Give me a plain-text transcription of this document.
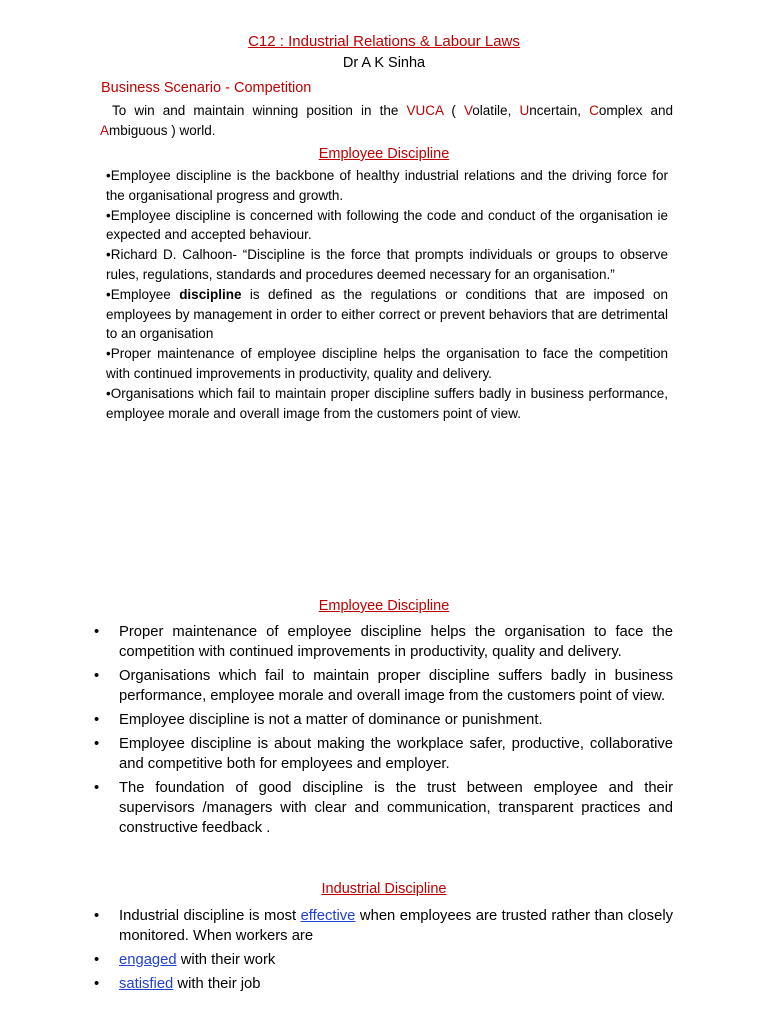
C12 : Industrial Relations & Labour Laws
Dr A K Sinha
Business Scenario - Competition
To win and maintain winning position in the VUCA ( Volatile, Uncertain, Complex and Ambiguous ) world.
Employee Discipline
•Employee discipline is the backbone of healthy industrial relations and the driving force for the organisational progress and growth.
•Employee discipline is concerned with following the code and conduct of the organisation ie expected and accepted behaviour.
•Richard D. Calhoon- “Discipline is the force that prompts individuals or groups to observe rules, regulations, standards and procedures deemed necessary for an organisation.”
•Employee discipline is defined as the regulations or conditions that are imposed on employees by management in order to either correct or prevent behaviors that are detrimental to an organisation
•Proper maintenance of employee discipline helps the organisation to face the competition with continued improvements in productivity, quality and delivery.
•Organisations which fail to maintain proper discipline suffers badly in business performance, employee morale and overall image from the customers point of view.
Employee Discipline
• Proper maintenance of employee discipline helps the organisation to face the competition with continued improvements in productivity, quality and delivery.
• Organisations which fail to maintain proper discipline suffers badly in business performance, employee morale and overall image from the customers point of view.
• Employee discipline is not a matter of dominance or punishment.
• Employee discipline is about making the workplace safer, productive, collaborative and competitive both for employees and employer.
• The foundation of good discipline is the trust between employee and their supervisors /managers with clear and communication, transparent practices and constructive feedback .
Industrial Discipline
• Industrial discipline is most effective when employees are trusted rather than closely monitored. When workers are
• engaged with their work
• satisfied with their job
